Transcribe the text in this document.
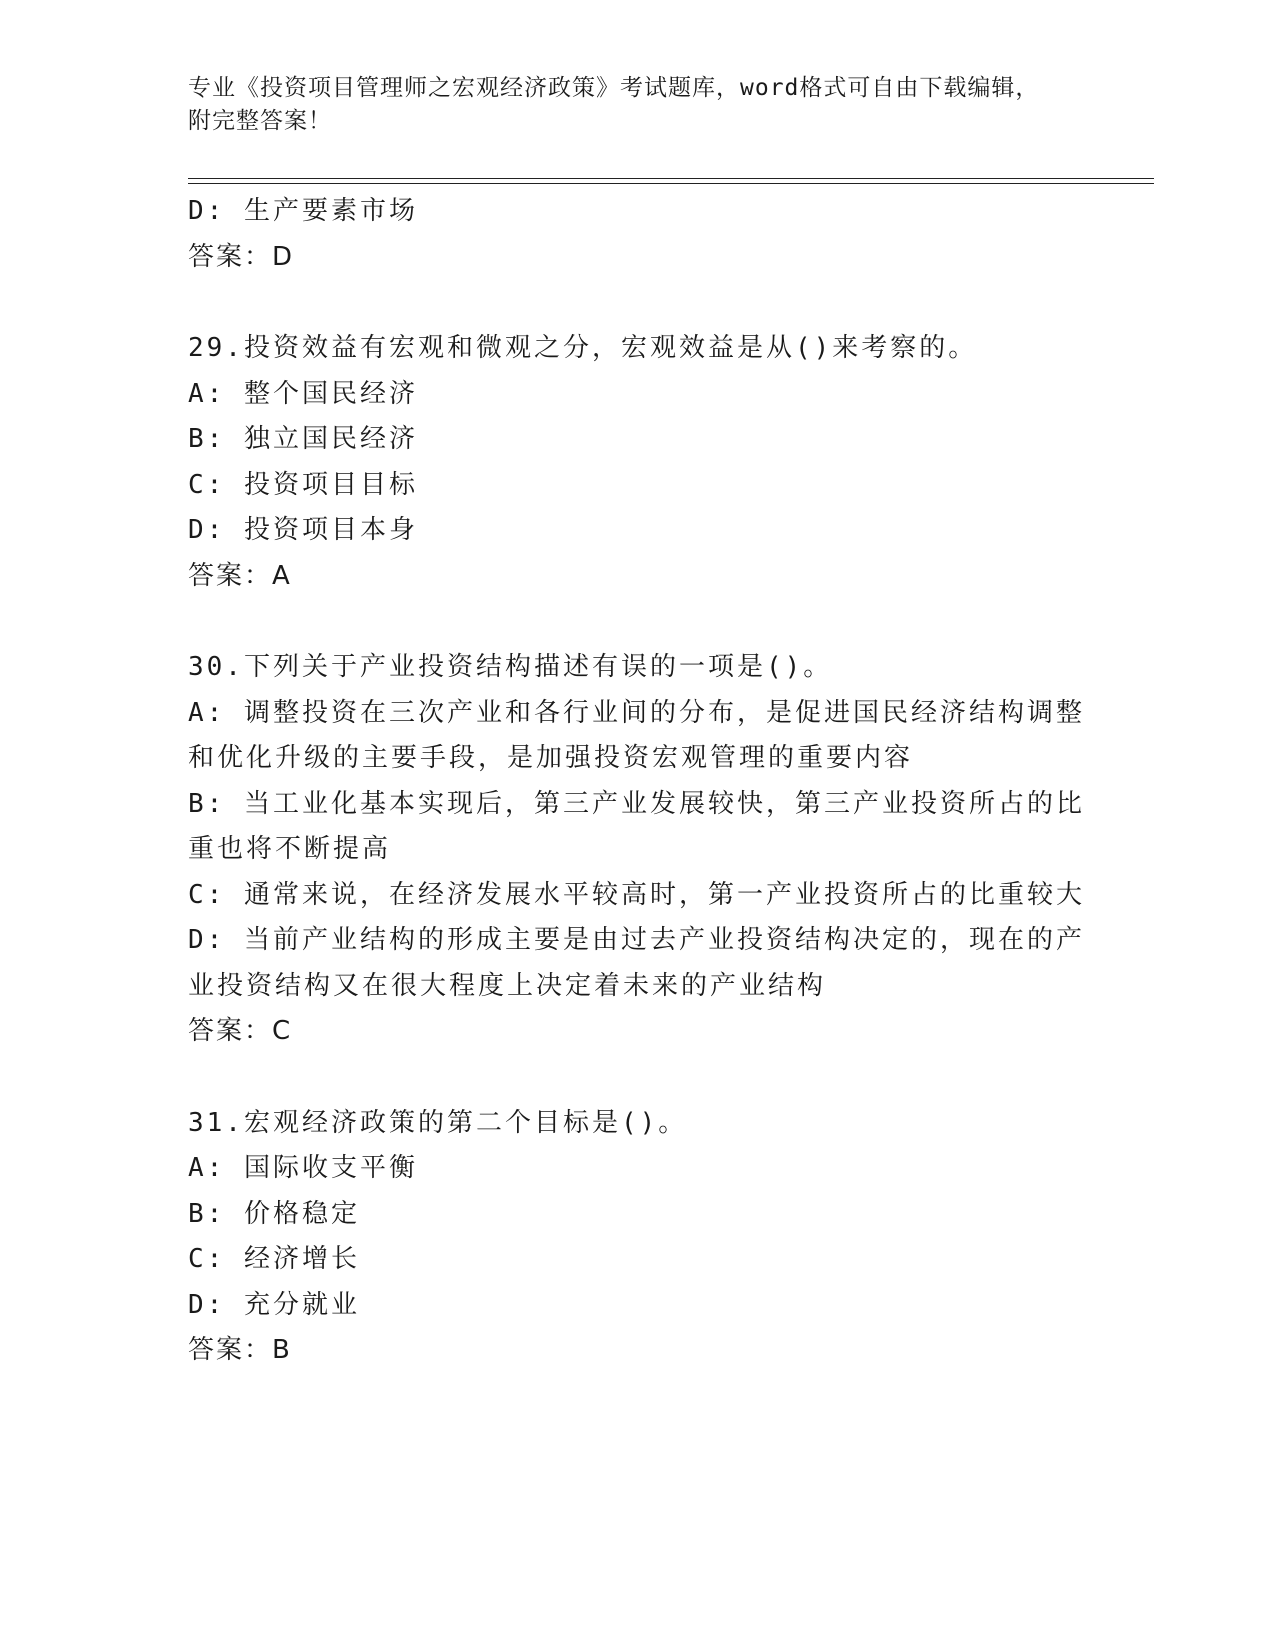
专业《投资项目管理师之宏观经济政策》考试题库，word格式可自由下载编辑，
附完整答案！
D: 生产要素市场
答案：D
29.投资效益有宏观和微观之分，宏观效益是从()来考察的。
A: 整个国民经济
B: 独立国民经济
C: 投资项目目标
D: 投资项目本身
答案：A
30.下列关于产业投资结构描述有误的一项是()。
A: 调整投资在三次产业和各行业间的分布，是促进国民经济结构调整
和优化升级的主要手段，是加强投资宏观管理的重要内容
B: 当工业化基本实现后，第三产业发展较快，第三产业投资所占的比
重也将不断提高
C: 通常来说，在经济发展水平较高时，第一产业投资所占的比重较大
D: 当前产业结构的形成主要是由过去产业投资结构决定的，现在的产
业投资结构又在很大程度上决定着未来的产业结构
答案：C
31.宏观经济政策的第二个目标是()。
A: 国际收支平衡
B: 价格稳定
C: 经济增长
D: 充分就业
答案：B
